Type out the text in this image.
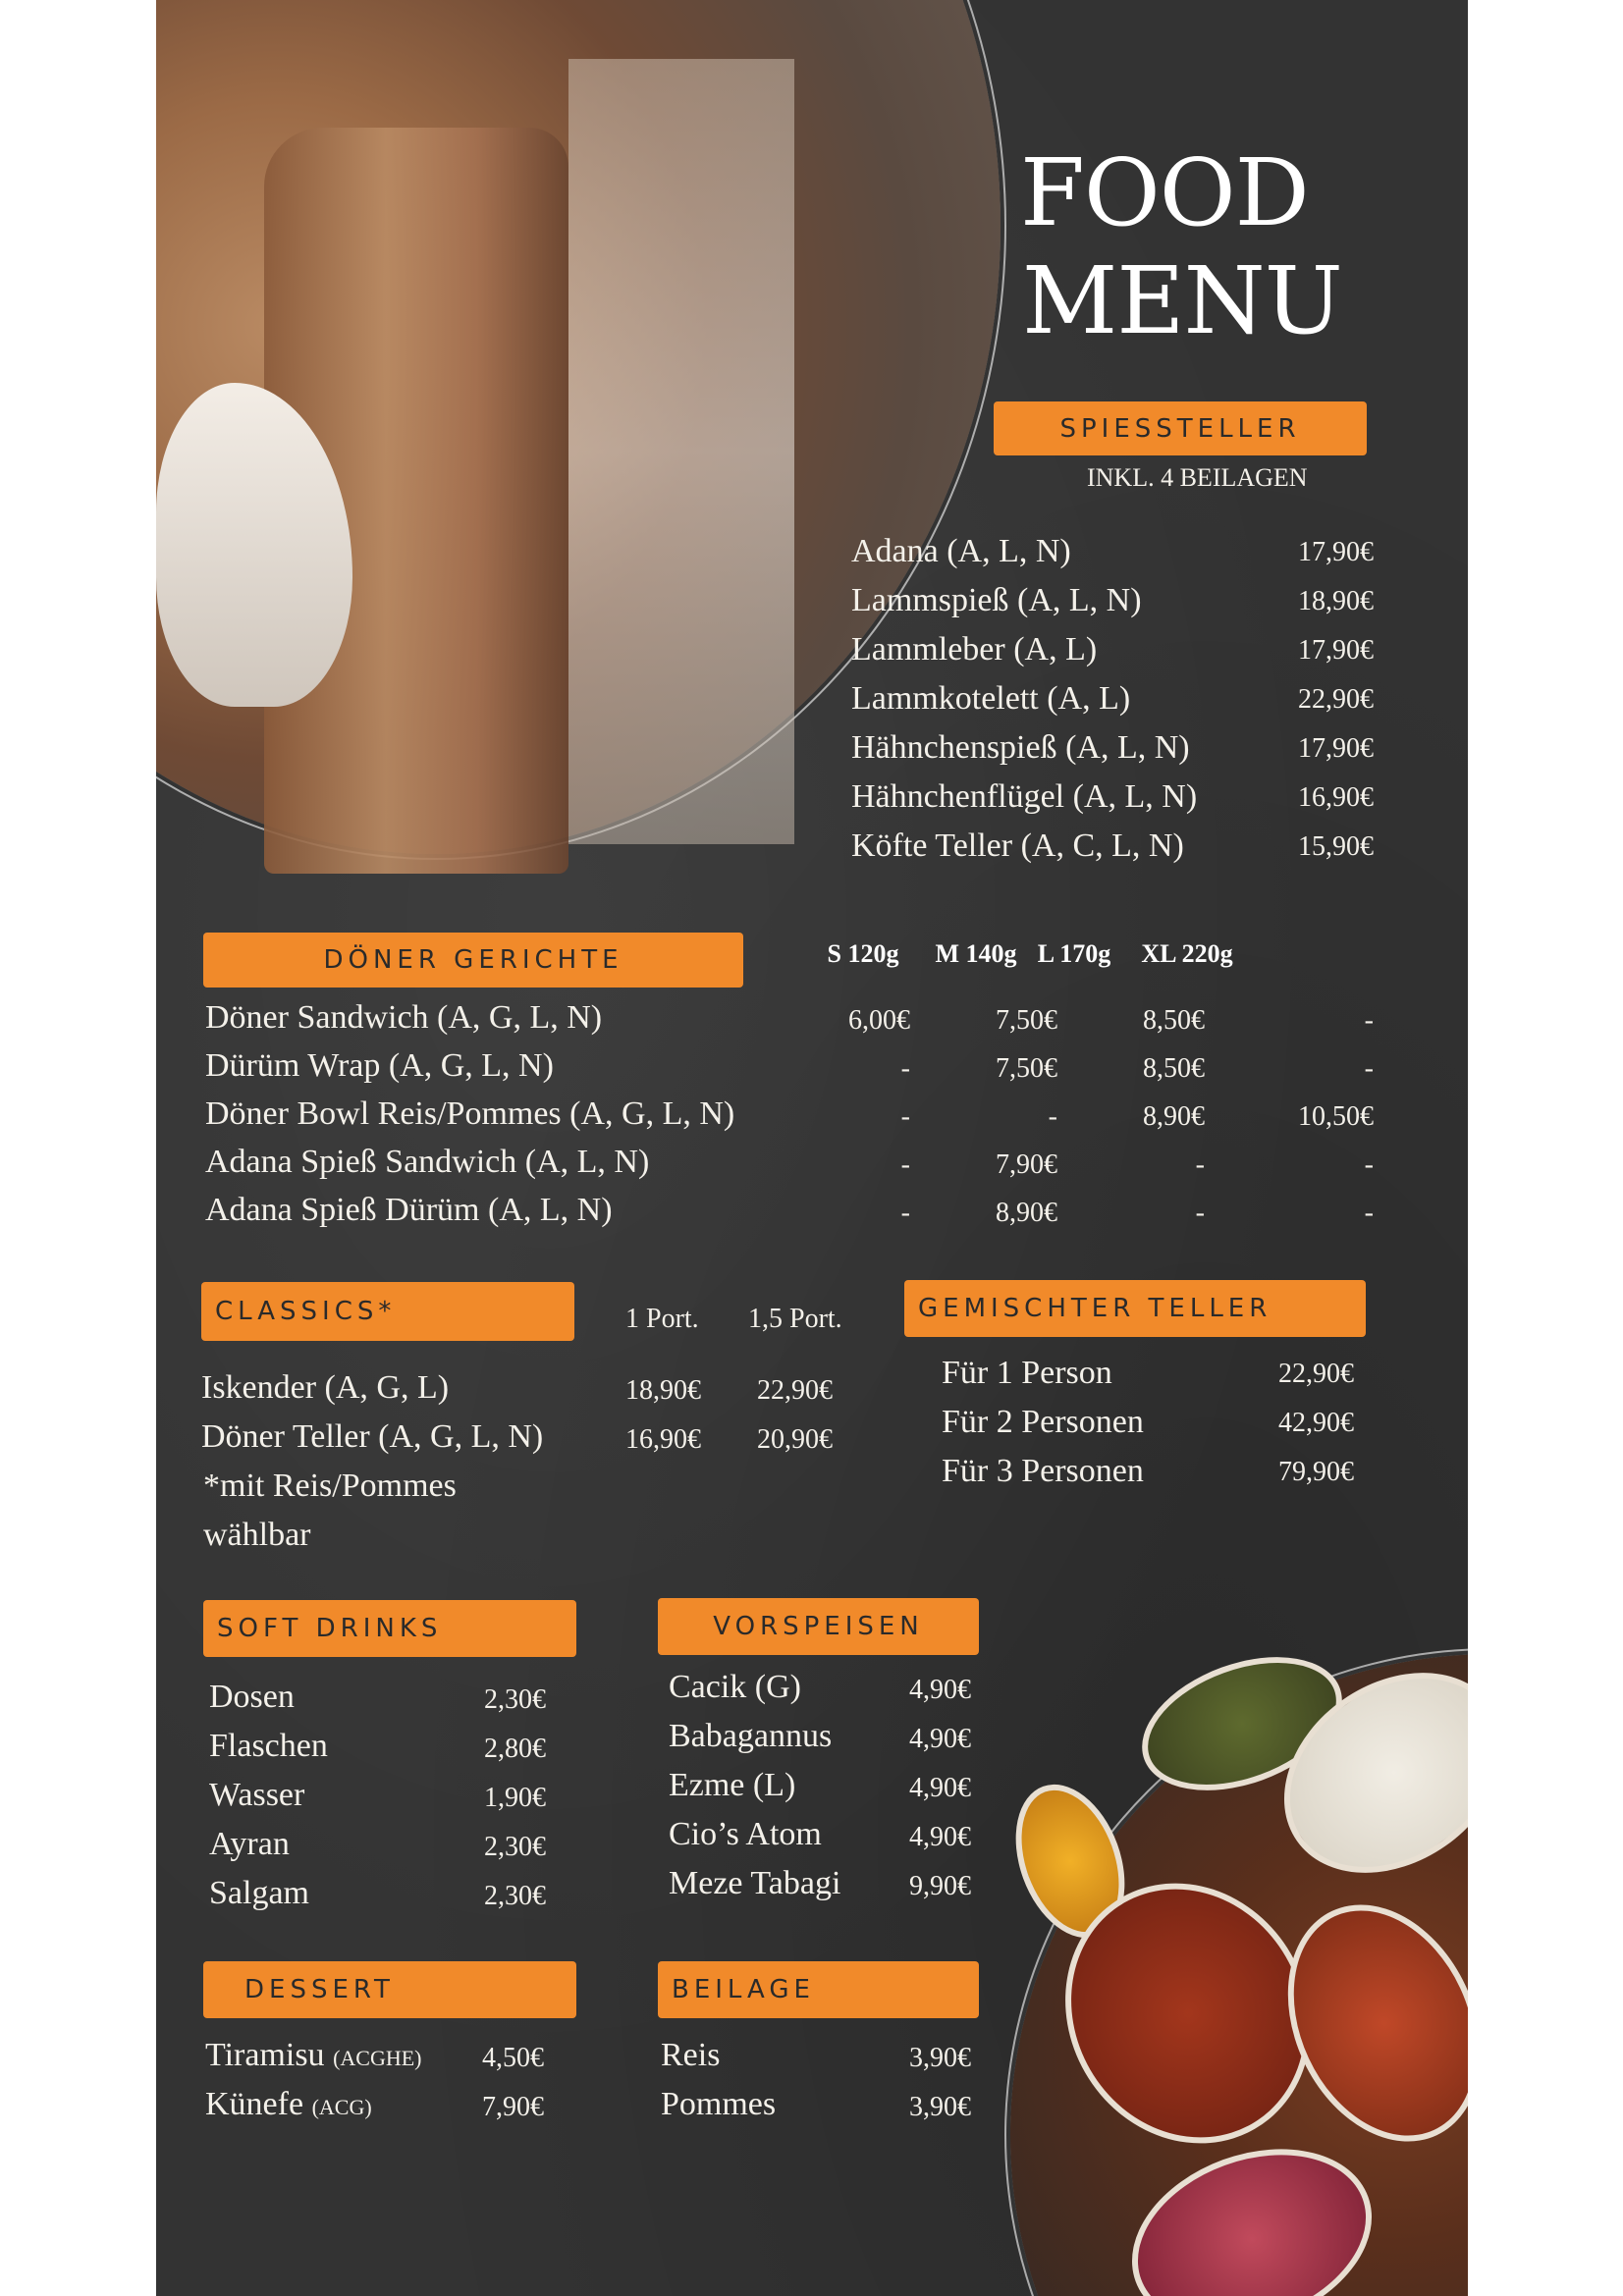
FOOD
MENU
SPIESSTELLER
INKL. 4 BEILAGEN
DÖNER GERICHTE
CLASSICS*	GEMISCHTER TELLER
SOFT DRINKS	VORSPEISEN
DESSERT	BEILAGE
Adana (A, L, N)	17,90€
Lammspieß (A, L, N)	18,90€
Lammleber (A, L)	17,90€
Lammkotelett (A, L)	22,90€
Hähnchenspieß (A, L, N)	17,90€
Hähnchenflügel (A, L, N)	16,90€
Köfte Teller (A, C, L, N)	15,90€
S 120g	M 140g L 170g	XL 220g
Döner Sandwich (A, G, L, N)	6,00€	7,50€	8,50€	-
Dürüm Wrap (A, G, L, N)	-	7,50€	8,50€	-
Döner Bowl Reis/Pommes (A, G, L, N)	-	-	8,90€	10,50€
Adana Spieß Sandwich (A, L, N)	-	7,90€	-	-
Adana Spieß Dürüm (A, L, N)	-	8,90€	-	-
1 Port. 1,5 Port.
Iskender (A, G, L)	18,90€ 22,90€
Döner Teller (A, G, L, N)	16,90€ 20,90€
*mit Reis/Pommes
wählbar
Für 1 Person	22,90€
Für 2 Personen	42,90€
Für 3 Personen	79,90€
Dosen	2,30€
Flaschen	2,80€
Wasser	1,90€
Ayran	2,30€
Salgam	2,30€
Cacik (G)	4,90€
Babagannus	4,90€
Ezme (L)	4,90€
Cio’s Atom	4,90€
Meze Tabagi	9,90€
Tiramisu (ACGHE)	4,50€
Künefe (ACG)	7,90€
Reis	3,90€
Pommes	3,90€
